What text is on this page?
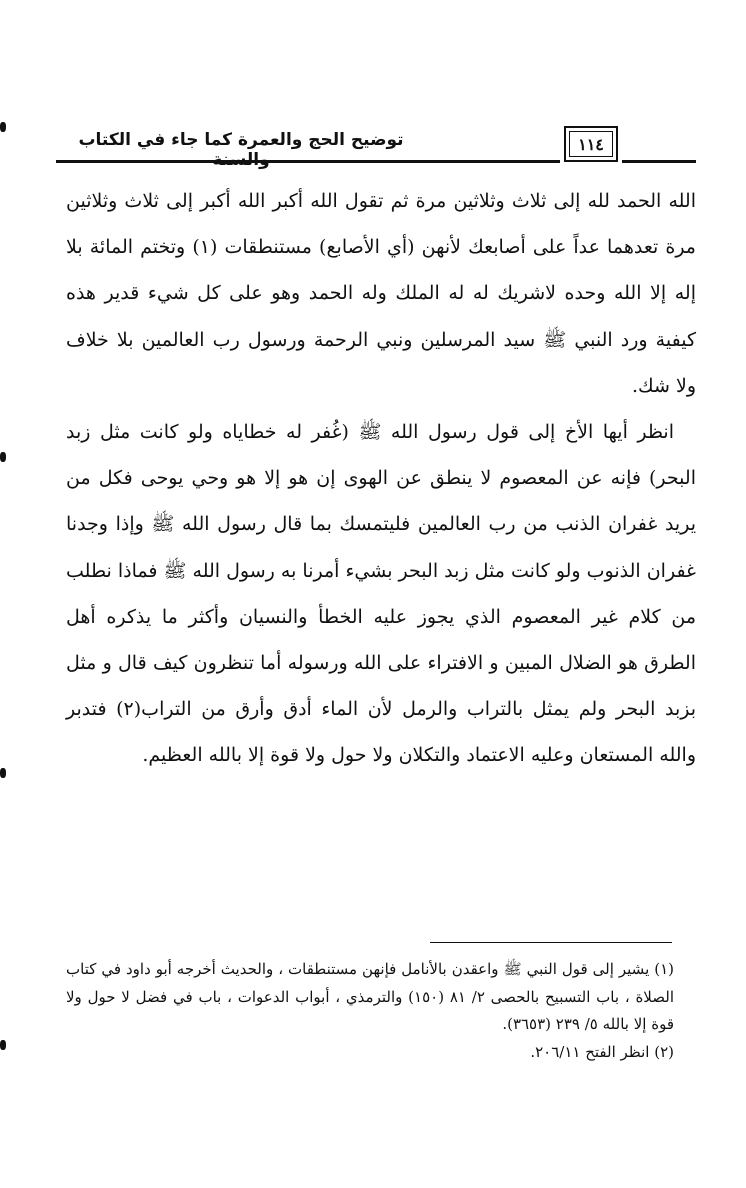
توضيح الحج والعمرة كما جاء في الكتاب	١١٤

الله الحمد لله إلى ثلاث وثلاثين مرة ثم تقول الله أكبر الله أكبر إلى ثلاث وثلاثين مرة تعدهما عداً على أصابعك لأنهن (أي الأصابع) مستنطقات (١) وتختم المائة بلا إله إلا الله وحده لاشريك له له الملك وله الحمد وهو على كل شيء قدير هذه كيفية ورد النبي ﷺ سيد المرسلين ونبي الرحمة ورسول رب العالمين بلا خلاف ولا شك.

انظر أيها الأخ إلى قول رسول الله ﷺ (غُفر له خطاياه ولو كانت مثل زبد البحر) فإنه عن المعصوم لا ينطق عن الهوى إن هو إلا هو وحي يوحى فكل من يريد غفران الذنب من رب العالمين فليتمسك بما قال رسول الله ﷺ وإذا وجدنا غفران الذنوب ولو كانت مثل زبد البحر بشيء أمرنا به رسول الله ﷺ فماذا نطلب من كلام غير المعصوم الذي يجوز عليه الخطأ والنسيان وأكثر ما يذكره أهل الطرق هو الضلال المبين و الافتراء على الله ورسوله أما تنظرون كيف قال و مثل بزبد البحر ولم يمثل بالتراب والرمل لأن الماء أدق وأرق من التراب(٢) فتدبر والله المستعان وعليه الاعتماد والتكلان ولا حول ولا قوة إلا بالله العظيم.

(١) يشير إلى قول النبي ﷺ واعقدن بالأنامل فإنهن مستنطقات ، والحديث أخرجه أبو داود في كتاب الصلاة ، باب التسبيح بالحصى ٢/ ٨١ (١٥٠) والترمذي ، أبواب الدعوات ، باب في فضل لا حول ولا قوة إلا بالله ٥/ ٢٣٩ (٣٦٥٣).

(٢) انظر الفتح ٢٠٦/١١.
